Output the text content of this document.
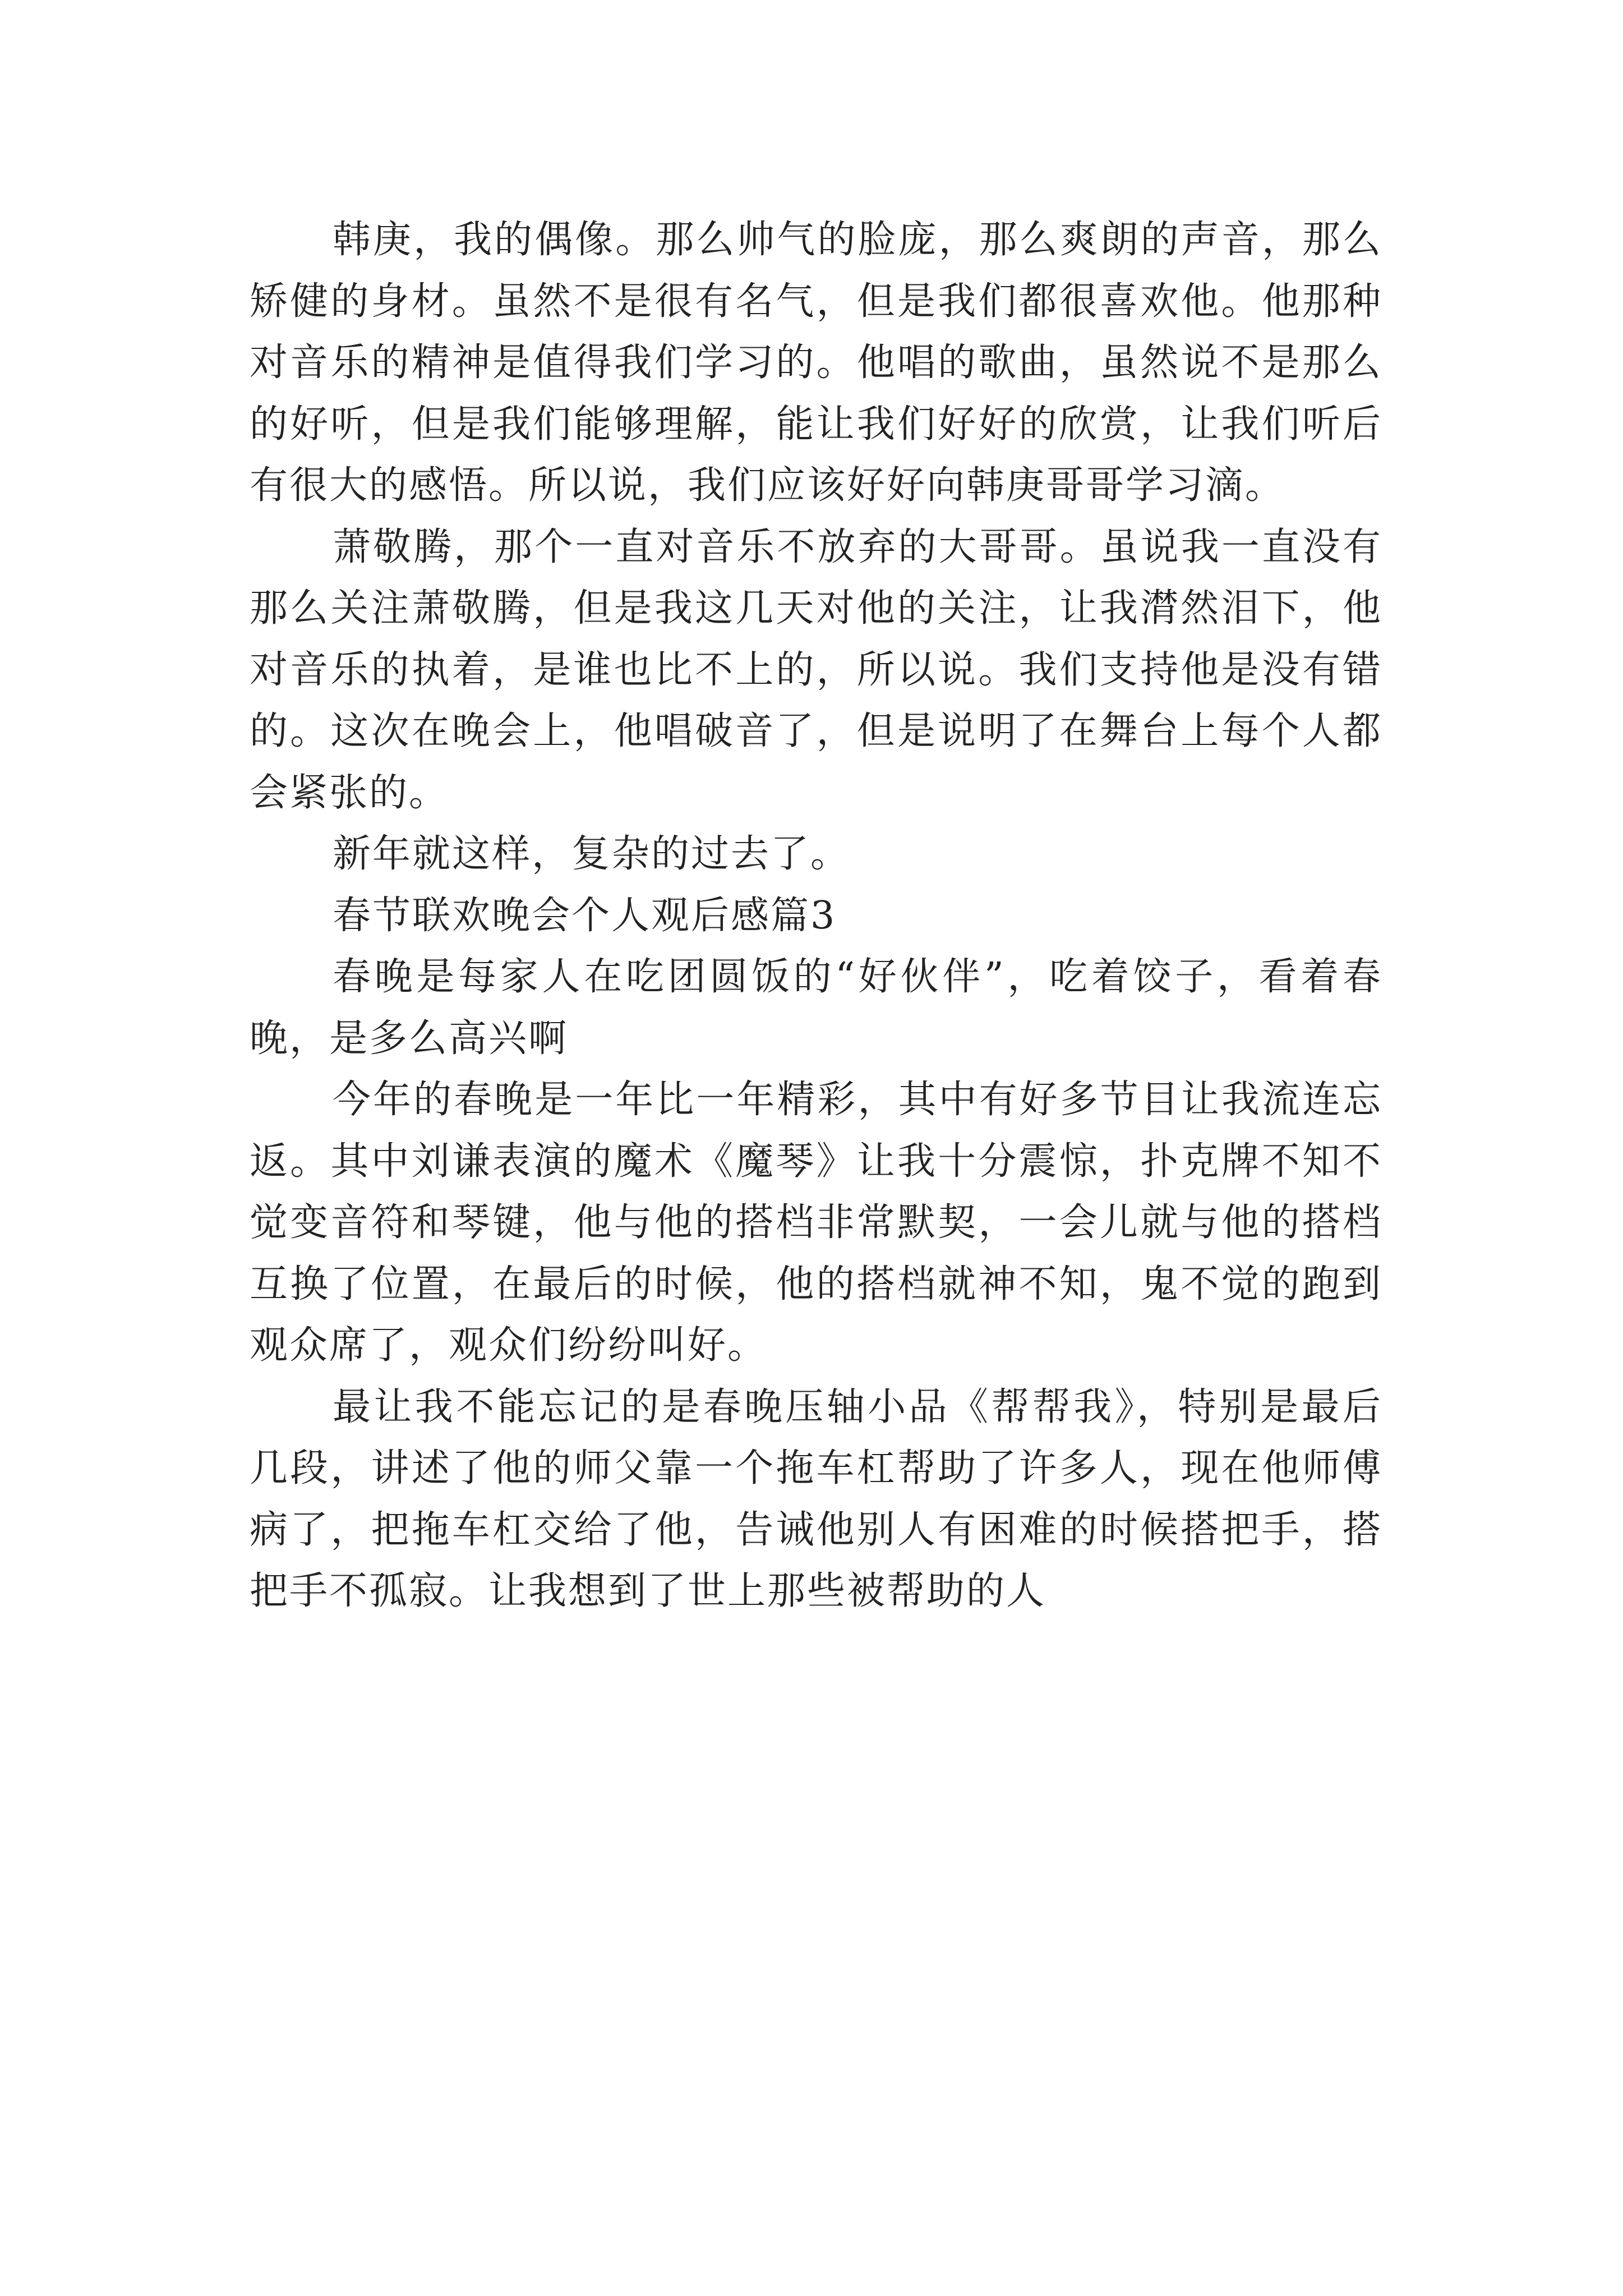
韩庚，我的偶像。那么帅气的脸庞，那么爽朗的声音，那么矫健的身材。虽然不是很有名气，但是我们都很喜欢他。他那种对音乐的精神是值得我们学习的。他唱的歌曲，虽然说不是那么的好听，但是我们能够理解，能让我们好好的欣赏，让我们听后有很大的感悟。所以说，我们应该好好向韩庚哥哥学习滴。

萧敬腾，那个一直对音乐不放弃的大哥哥。虽说我一直没有那么关注萧敬腾，但是我这几天对他的关注，让我潸然泪下，他对音乐的执着，是谁也比不上的，所以说。我们支持他是没有错的。这次在晚会上，他唱破音了，但是说明了在舞台上每个人都会紧张的。

新年就这样，复杂的过去了。

春节联欢晚会个人观后感篇3

春晚是每家人在吃团圆饭的“好伙伴”，吃着饺子，看着春晚，是多么高兴啊

今年的春晚是一年比一年精彩，其中有好多节目让我流连忘返。其中刘谦表演的魔术《魔琴》让我十分震惊，扑克牌不知不觉变音符和琴键，他与他的搭档非常默契，一会儿就与他的搭档互换了位置，在最后的时候，他的搭档就神不知，鬼不觉的跑到观众席了，观众们纷纷叫好。

最让我不能忘记的是春晚压轴小品《帮帮我》，特别是最后几段，讲述了他的师父靠一个拖车杠帮助了许多人，现在他师傅病了，把拖车杠交给了他，告诫他别人有困难的时候搭把手，搭把手不孤寂。让我想到了世上那些被帮助的人
